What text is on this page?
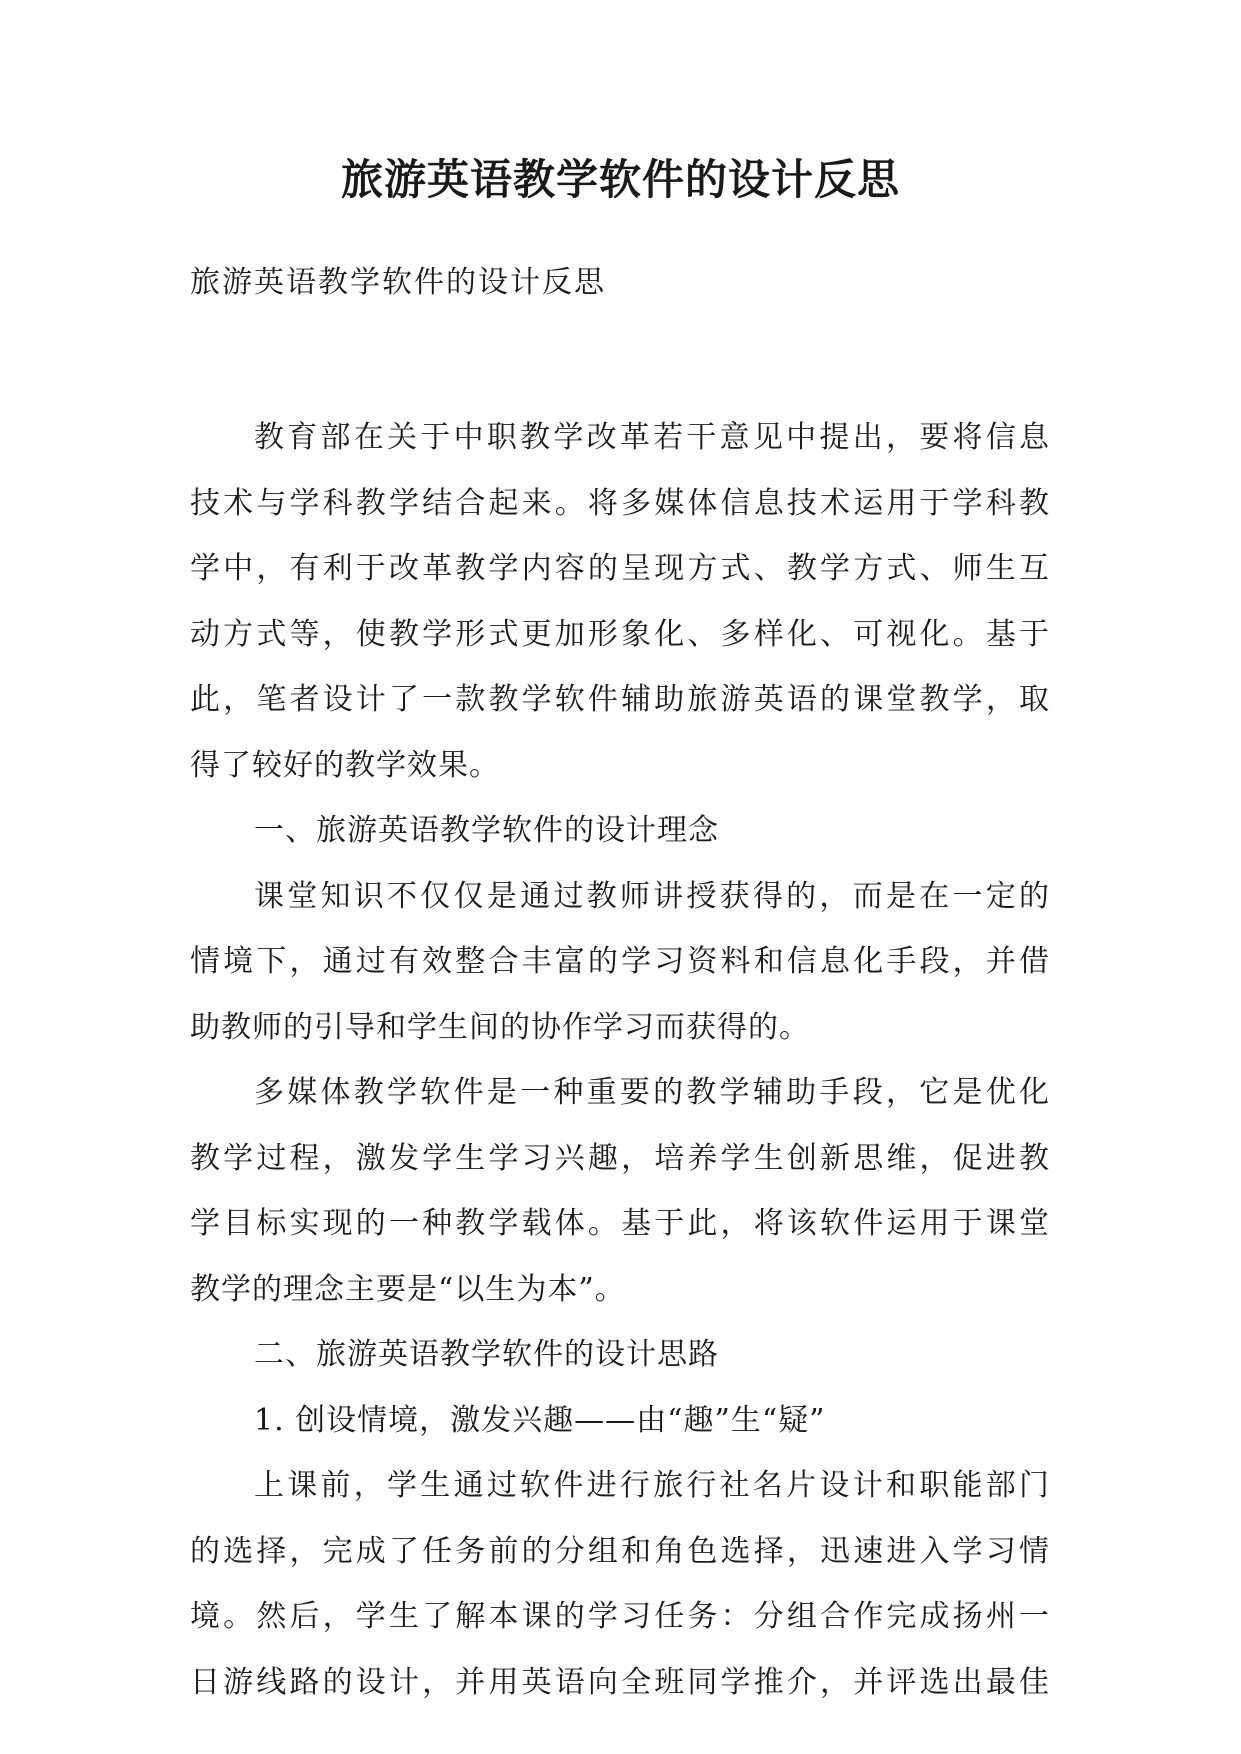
旅游英语教学软件的设计反思
旅游英语教学软件的设计反思
教育部在关于中职教学改革若干意见中提出，要将信息
技术与学科教学结合起来。将多媒体信息技术运用于学科教
学中，有利于改革教学内容的呈现方式、教学方式、师生互
动方式等，使教学形式更加形象化、多样化、可视化。基于
此，笔者设计了一款教学软件辅助旅游英语的课堂教学，取
得了较好的教学效果。
一、旅游英语教学软件的设计理念
课堂知识不仅仅是通过教师讲授获得的，而是在一定的
情境下，通过有效整合丰富的学习资料和信息化手段，并借
助教师的引导和学生间的协作学习而获得的。
多媒体教学软件是一种重要的教学辅助手段，它是优化
教学过程，激发学生学习兴趣，培养学生创新思维，促进教
学目标实现的一种教学载体。基于此，将该软件运用于课堂
教学的理念主要是“以生为本”。
二、旅游英语教学软件的设计思路
1. 创设情境，激发兴趣——由“趣”生“疑”
上课前，学生通过软件进行旅行社名片设计和职能部门
的选择，完成了任务前的分组和角色选择，迅速进入学习情
境。然后，学生了解本课的学习任务：分组合作完成扬州一
日游线路的设计，并用英语向全班同学推介，并评选出最佳
